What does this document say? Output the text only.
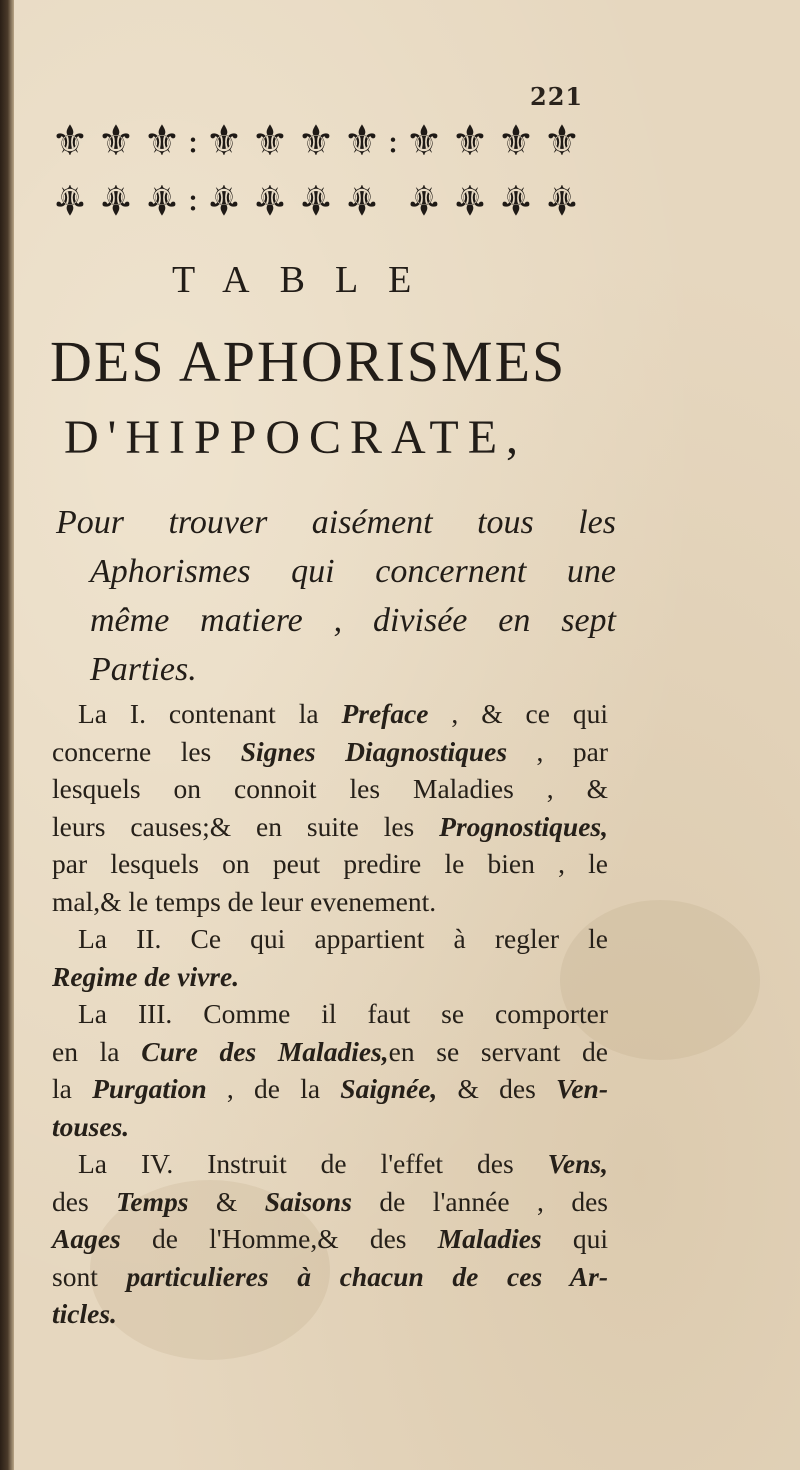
221
⚜ ⚜ ⚜ : ⚜ ⚜ ⚜ ⚜ : ⚜ ⚜ ⚜ ⚜
⚜ ⚜ ⚜ : ⚜ ⚜ ⚜ ⚜ ⚜ ⚜ ⚜ ⚜
TABLE
DES APHORISMES
D'HIPPOCRATE,
Pour trouver aisément tous les
Aphorismes qui concernent une
même matiere , divisée en sept
Parties.
La I. contenant la Preface , & ce qui
concerne les Signes Diagnostiques , par
lesquels on connoit les Maladies , &
leurs causes;& en suite les Prognostiques,
par lesquels on peut predire le bien , le
mal,& le temps de leur evenement.
La II. Ce qui appartient à regler le
Regime de vivre.
La III. Comme il faut se comporter
en la Cure des Maladies,en se servant de
la Purgation , de la Saignée, & des Ven-
touses.
La IV. Instruit de l'effet des Vens,
des Temps & Saisons de l'année , des
Aages de l'Homme,& des Maladies qui
sont particulieres à chacun de ces Ar-
ticles.
